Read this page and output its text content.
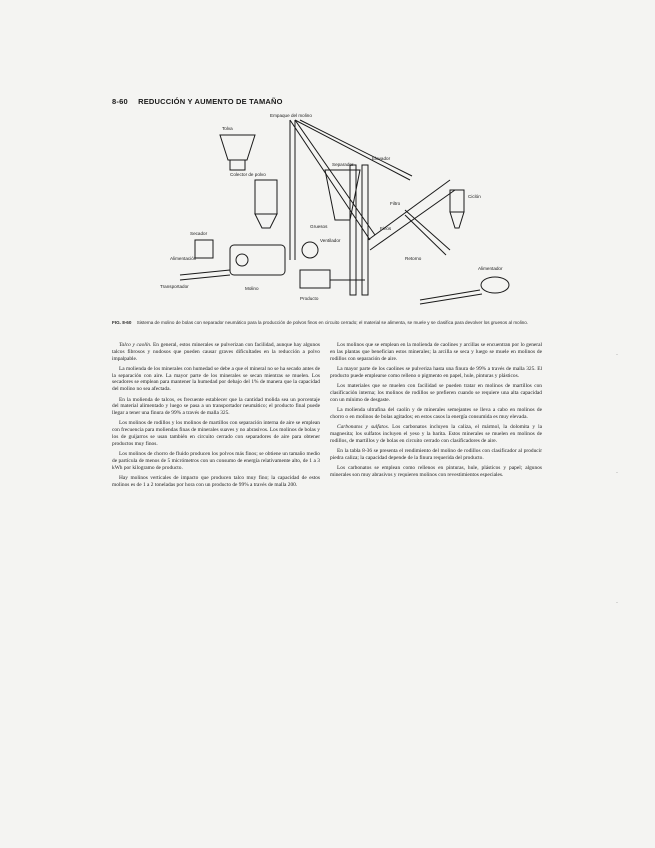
8-60 REDUCCIÓN Y AUMENTO DE TAMAÑO
Empaque del molino
Tolva
Elevador
Separador
Ciclón
Alimentador
Molino
Transportador
Ventilador
Colector de polvo
Secador
Filtro
Retorno
Producto
Gruesos	Finos
Alimentación
FIG. 8-60 Sistema de molino de bolas con separador neumático para la producción de polvos finos en circuito cerrado; el material se alimenta, se muele y se clasifica para devolver los gruesos al molino.

Talco y caolín. En general, estos minerales se pulverizan con facilidad, aunque hay algunos talcos fibrosos y nudosos que pueden causar graves dificultades en la reducción a polvo impalpable.

La molienda de los minerales con humedad se debe a que el mineral no se ha secado antes de la separación con aire. La mayor parte de los minerales se secan mientras se muelen. Los secadores se emplean para mantener la humedad por debajo del 1% de manera que la capacidad del molino no sea afectada.

En la molienda de talcos, es frecuente establecer que la cantidad molida sea un porcentaje del material alimentado y luego se pasa a un transportador neumático; el producto final puede llegar a tener una finura de 99% a través de malla 325.

Los molinos de rodillos y los molinos de martillos con separación interna de aire se emplean con frecuencia para moliendas finas de minerales suaves y no abrasivos. Los molinos de bolas y los de guijarros se usan también en circuito cerrado con separadores de aire para obtener productos muy finos.

Los molinos de chorro de fluido producen los polvos más finos; se obtiene un tamaño medio de partícula de menos de 5 micrómetros con un consumo de energía relativamente alto, de 1 a 3 kWh por kilogramo de producto.

Hay molinos verticales de impacto que producen talco muy fino; la capacidad de estos molinos es de 1 a 2 toneladas por hora con un producto de 99% a través de malla 200.

Los molinos que se emplean en la molienda de caolines y arcillas se encuentran por lo general en las plantas que benefician estos minerales; la arcilla se seca y luego se muele en molinos de rodillos con separación de aire.

La mayor parte de los caolines se pulveriza hasta una finura de 99% a través de malla 325. El producto puede emplearse como relleno o pigmento en papel, hule, pinturas y plásticos.

Los materiales que se muelen con facilidad se pueden tratar en molinos de martillos con clasificación interna; los molinos de rodillos se prefieren cuando se requiere una alta capacidad con un mínimo de desgaste.

La molienda ultrafina del caolín y de minerales semejantes se lleva a cabo en molinos de chorro o en molinos de bolas agitados; en estos casos la energía consumida es muy elevada.

Carbonatos y sulfatos. Los carbonatos incluyen la caliza, el mármol, la dolomita y la magnesita; los sulfatos incluyen el yeso y la barita. Estos minerales se muelen en molinos de rodillos, de martillos y de bolas en circuito cerrado con clasificadores de aire.

En la tabla 8-36 se presenta el rendimiento del molino de rodillos con clasificador al producir piedra caliza; la capacidad depende de la finura requerida del producto.

Los carbonatos se emplean como rellenos en pinturas, hule, plásticos y papel; algunos minerales son muy abrasivos y requieren molinos con revestimientos especiales.

·
·
·
